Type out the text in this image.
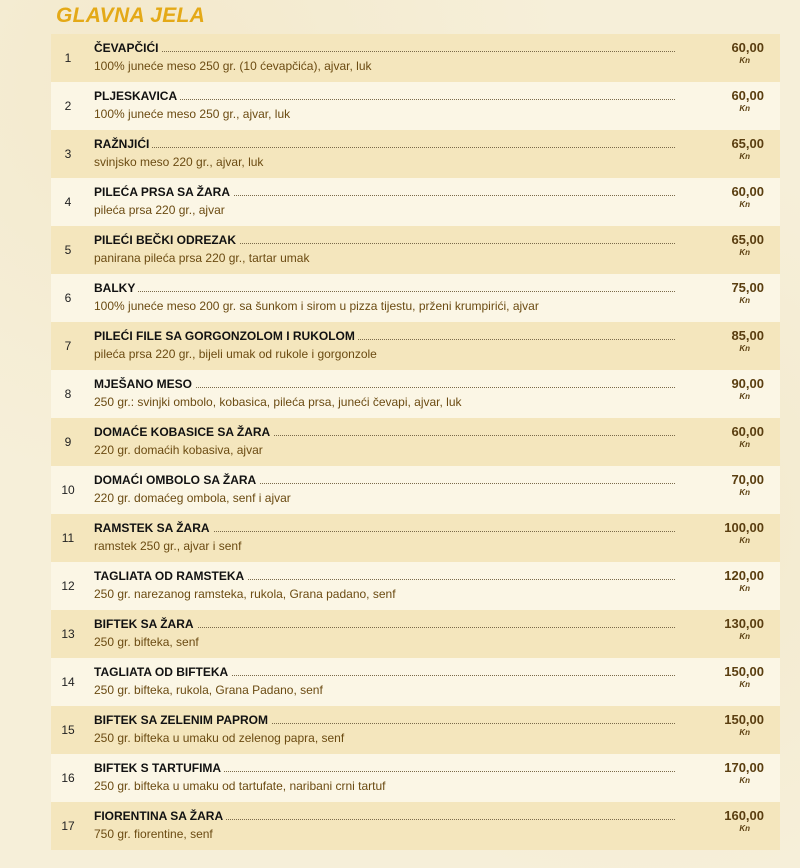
GLAVNA JELA
1
ČEVAPČIĆI
100% juneće meso 250 gr. (10 ćevapčića), ajvar, luk
60,00
Kn
2
PLJESKAVICA
100% juneće meso 250 gr., ajvar, luk
60,00
Kn
3
RAŽNJIĆI
svinjsko meso 220 gr., ajvar, luk
65,00
Kn
4
PILEĆA PRSA SA ŽARA
pileća prsa 220 gr., ajvar
60,00
Kn
5
PILEĆI BEČKI ODREZAK
panirana pileća prsa 220 gr., tartar umak
65,00
Kn
6
BALKY
100% juneće meso 200 gr. sa šunkom i sirom u pizza tijestu, prženi krumpirići, ajvar
75,00
Kn
7
PILEĆI FILE SA GORGONZOLOM I RUKOLOM
pileća prsa 220 gr., bijeli umak od rukole i gorgonzole
85,00
Kn
8
MJEŠANO MESO
250 gr.: svinjki ombolo, kobasica, pileća prsa, juneći čevapi, ajvar, luk
90,00
Kn
9
DOMAĆE KOBASICE SA ŽARA
220 gr. domaćih kobasiva, ajvar
60,00
Kn
10
DOMAĆI OMBOLO SA ŽARA
220 gr. domaćeg ombola, senf i ajvar
70,00
Kn
11
RAMSTEK SA ŽARA
ramstek 250 gr., ajvar i senf
100,00
Kn
12
TAGLIATA OD RAMSTEKA
250 gr. narezanog ramsteka, rukola, Grana padano, senf
120,00
Kn
13
BIFTEK SA ŽARA
250 gr. bifteka, senf
130,00
Kn
14
TAGLIATA OD BIFTEKA
250 gr. bifteka, rukola, Grana Padano, senf
150,00
Kn
15
BIFTEK SA ZELENIM PAPROM
250 gr. bifteka u umaku od zelenog papra, senf
150,00
Kn
16
BIFTEK S TARTUFIMA
250 gr. bifteka u umaku od tartufate, naribani crni tartuf
170,00
Kn
17
FIORENTINA SA ŽARA
750 gr. fiorentine, senf
160,00
Kn
